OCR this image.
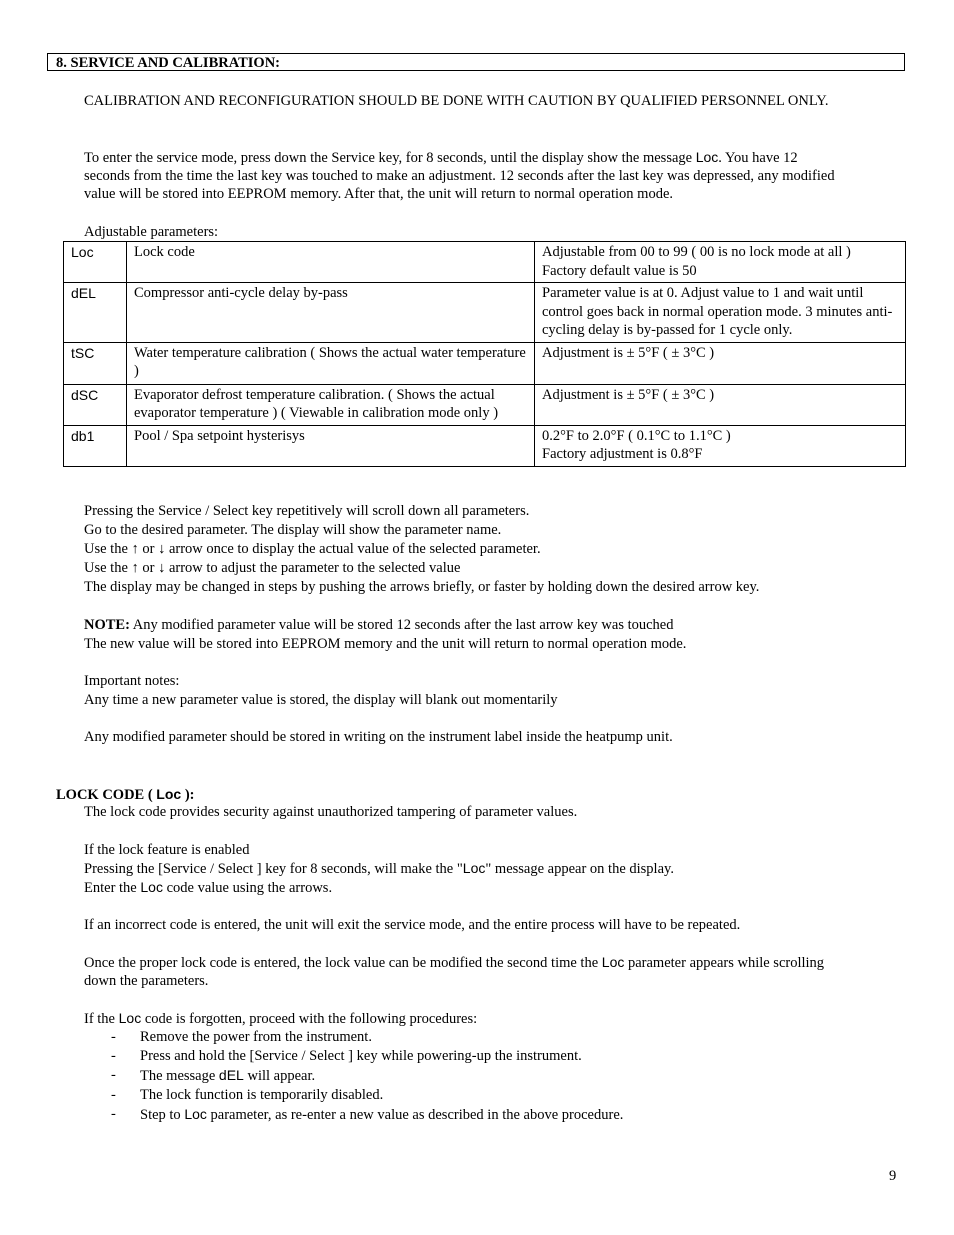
8. SERVICE AND CALIBRATION:
CALIBRATION AND RECONFIGURATION SHOULD BE DONE WITH CAUTION BY QUALIFIED PERSONNEL ONLY.
To enter the service mode, press down the Service key, for 8 seconds, until the display show the message Loc. You have 12
seconds from the time the last key was touched to make an adjustment. 12 seconds after the last key was depressed, any modified
value will be stored into EEPROM memory. After that, the unit will return to normal operation mode.
Adjustable parameters:
Loc	Lock code	Adjustable from 00 to 99 ( 00 is no lock mode at all )
Factory default value is 50
dEL	Compressor anti-cycle delay by-pass	Parameter value is at 0. Adjust value to 1 and wait until control goes back in normal operation mode. 3 minutes anti-cycling delay is by-passed for 1 cycle only.
tSC	Water temperature calibration ( Shows the actual water temperature )	Adjustment is ± 5°F ( ± 3°C )
dSC	Evaporator defrost temperature calibration. ( Shows the actual evaporator temperature ) ( Viewable in calibration mode only )	Adjustment is ± 5°F ( ± 3°C )
db1	Pool / Spa setpoint hysterisys	0.2°F to 2.0°F ( 0.1°C to 1.1°C )
Factory adjustment is 0.8°F
Pressing the Service / Select key repetitively will scroll down all parameters.
Go to the desired parameter. The display will show the parameter name.
Use the ↑ or ↓ arrow once to display the actual value of the selected parameter.
Use the ↑ or ↓ arrow to adjust the parameter to the selected value
The display may be changed in steps by pushing the arrows briefly, or faster by holding down the desired arrow key.
NOTE: Any modified parameter value will be stored 12 seconds after the last arrow key was touched
The new value will be stored into EEPROM memory and the unit will return to normal operation mode.
Important notes:
Any time a new parameter value is stored, the display will blank out momentarily
Any modified parameter should be stored in writing on the instrument label inside the heatpump unit.
LOCK CODE ( Loc ):
The lock code provides security against unauthorized tampering of parameter values.
If the lock feature is enabled
Pressing the [Service / Select ] key for 8 seconds, will make the "Loc" message appear on the display.
Enter the Loc code value using the arrows.
If an incorrect code is entered, the unit will exit the service mode, and the entire process will have to be repeated.
Once the proper lock code is entered, the lock value can be modified the second time the Loc parameter appears while scrolling
down the parameters.
If the Loc code is forgotten, proceed with the following procedures:
- Remove the power from the instrument.
- Press and hold the [Service / Select ] key while powering-up the instrument.
- The message dEL will appear.
- The lock function is temporarily disabled.
- Step to Loc parameter, as re-enter a new value as described in the above procedure.
9
